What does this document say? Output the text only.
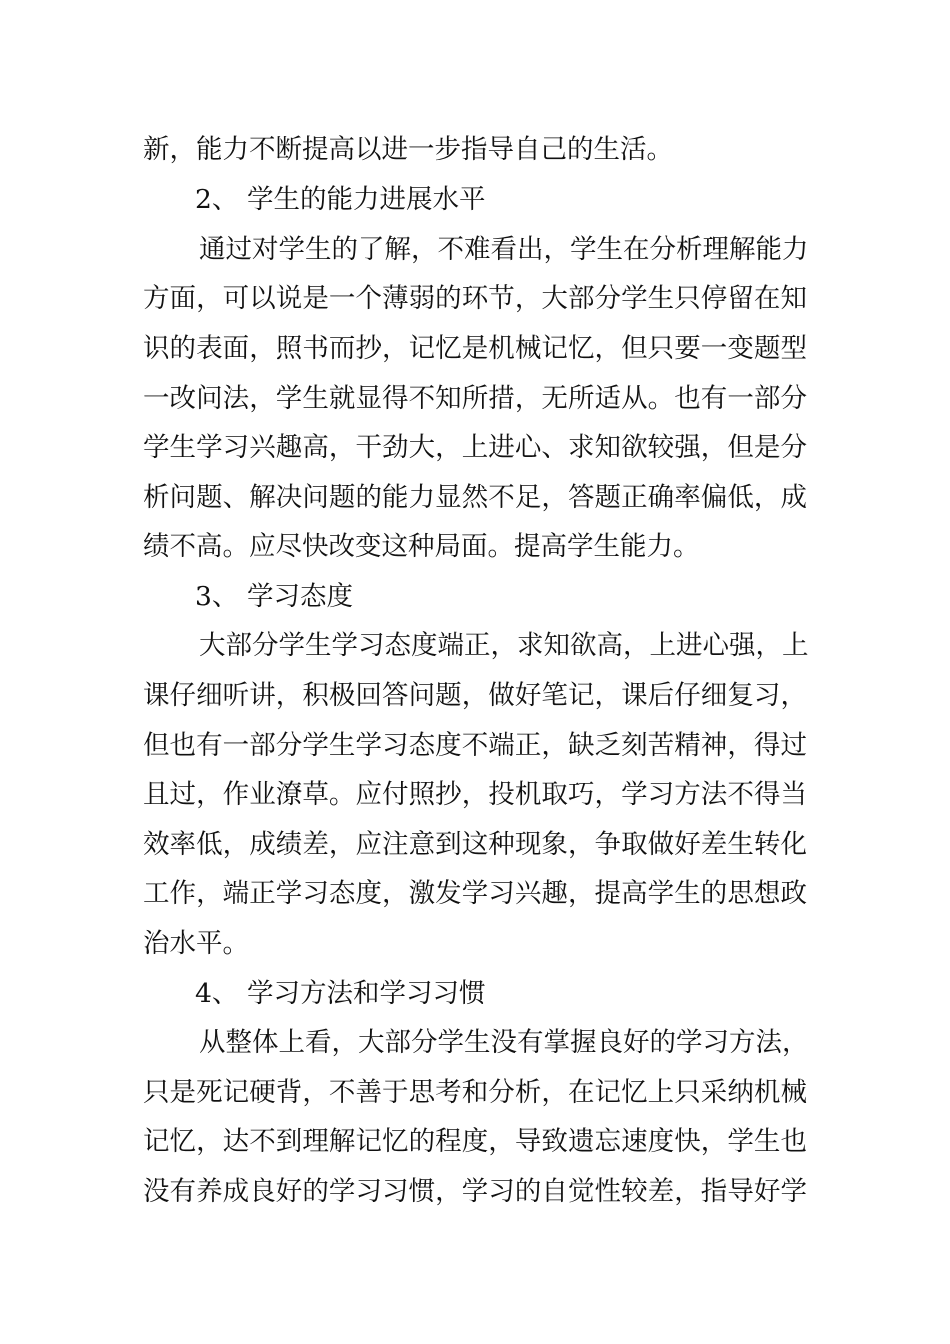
新，能力不断提高以进一步指导自己的生活。
2、 学生的能力进展水平
通过对学生的了解，不难看出，学生在分析理解能力
方面，可以说是一个薄弱的环节，大部分学生只停留在知
识的表面，照书而抄，记忆是机械记忆，但只要一变题型
一改问法，学生就显得不知所措，无所适从。也有一部分
学生学习兴趣高，干劲大，上进心、求知欲较强，但是分
析问题、解决问题的能力显然不足，答题正确率偏低，成
绩不高。应尽快改变这种局面。提高学生能力。
3、 学习态度
大部分学生学习态度端正，求知欲高，上进心强，上
课仔细听讲，积极回答问题，做好笔记，课后仔细复习，
但也有一部分学生学习态度不端正，缺乏刻苦精神，得过
且过，作业潦草。应付照抄，投机取巧，学习方法不得当
效率低，成绩差，应注意到这种现象，争取做好差生转化
工作，端正学习态度，激发学习兴趣，提高学生的思想政
治水平。
4、 学习方法和学习习惯
从整体上看，大部分学生没有掌握良好的学习方法，
只是死记硬背，不善于思考和分析，在记忆上只采纳机械
记忆，达不到理解记忆的程度，导致遗忘速度快，学生也
没有养成良好的学习习惯，学习的自觉性较差，指导好学
